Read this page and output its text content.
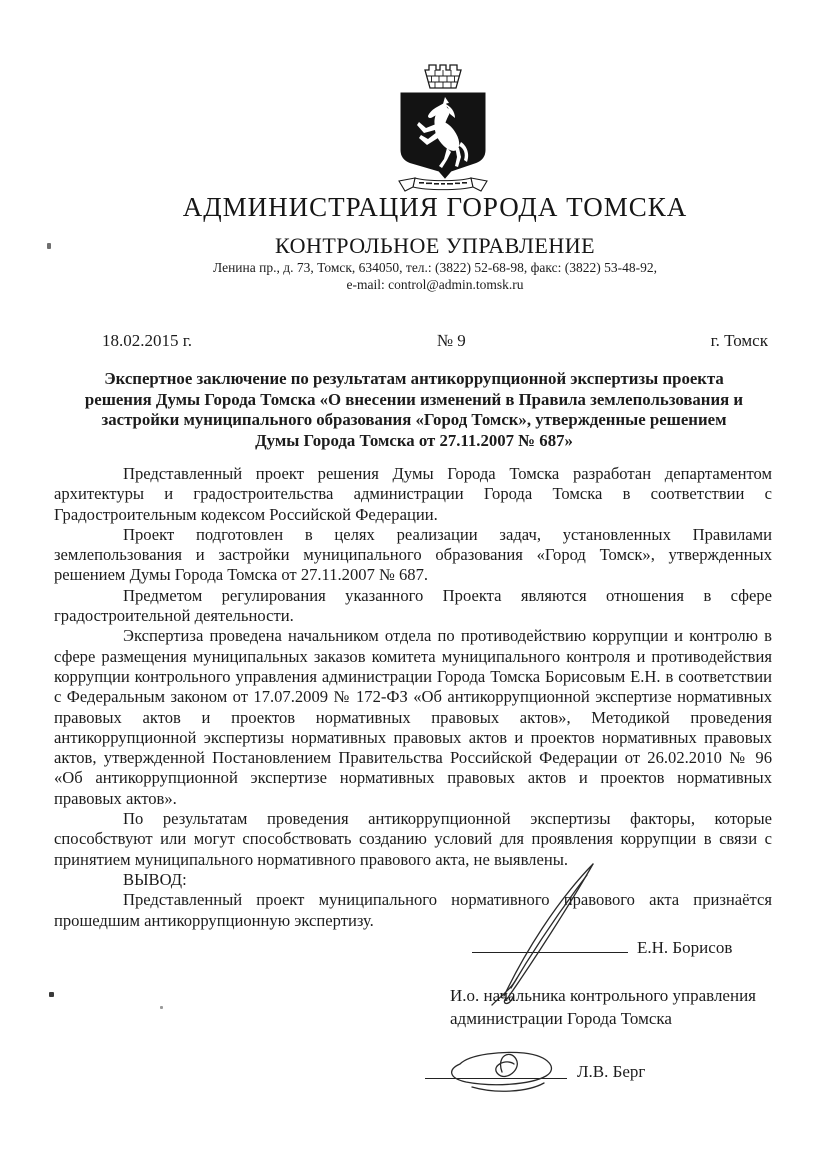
АДМИНИСТРАЦИЯ ГОРОДА ТОМСКА
КОНТРОЛЬНОЕ УПРАВЛЕНИЕ
Ленина пр., д. 73, Томск, 634050, тел.: (3822) 52-68-98, факс: (3822) 53-48-92,
e-mail: control@admin.tomsk.ru
18.02.2015 г.	№ 9	г. Томск
Экспертное заключение по результатам антикоррупционной экспертизы проекта решения Думы Города Томска «О внесении изменений в Правила землепользования и застройки муниципального образования «Город Томск», утвержденные решением Думы Города Томска от 27.11.2007 № 687»

Представленный проект решения Думы Города Томска разработан департаментом архитектуры и градостроительства администрации Города Томска в соответствии с Градостроительным кодексом Российской Федерации.

Проект подготовлен в целях реализации задач, установленных Правилами землепользования и застройки муниципального образования «Город Томск», утвержденных решением Думы Города Томска от 27.11.2007 № 687.

Предметом регулирования указанного Проекта являются отношения в сфере градостроительной деятельности.

Экспертиза проведена начальником отдела по противодействию коррупции и контролю в сфере размещения муниципальных заказов комитета муниципального контроля и противодействия коррупции контрольного управления администрации Города Томска Борисовым Е.Н. в соответствии с Федеральным законом от 17.07.2009 № 172-ФЗ «Об антикоррупционной экспертизе нормативных правовых актов и проектов нормативных правовых актов», Методикой проведения антикоррупционной экспертизы нормативных правовых актов и проектов нормативных правовых актов, утвержденной Постановлением Правительства Российской Федерации от 26.02.2010 № 96 «Об антикоррупционной экспертизе нормативных правовых актов и проектов нормативных правовых актов».

По результатам проведения антикоррупционной экспертизы факторы, которые способствуют или могут способствовать созданию условий для проявления коррупции в связи с принятием муниципального нормативного правового акта, не выявлены.

ВЫВОД:

Представленный проект муниципального нормативного правового акта признаётся прошедшим антикоррупционную экспертизу.

Е.Н. Борисов
И.о. начальника контрольного управления администрации Города Томска
Л.В. Берг
